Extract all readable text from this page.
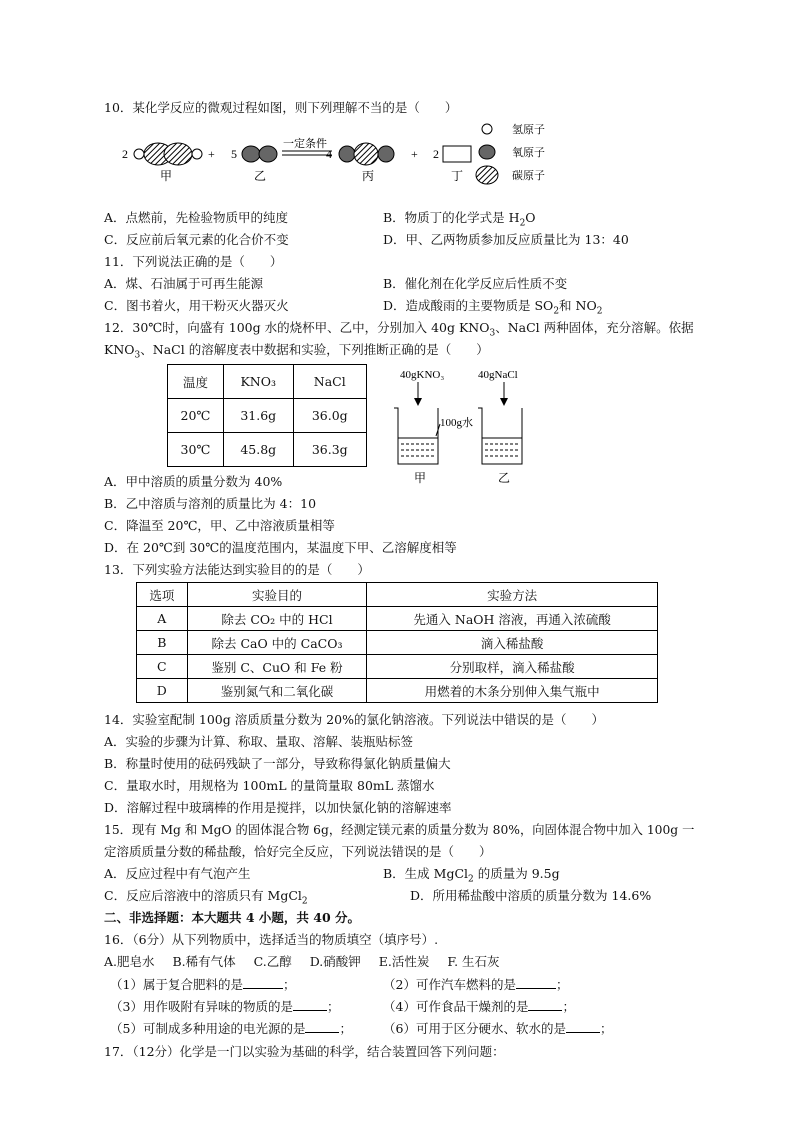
10．某化学反应的微观过程如图，则下列理解不当的是（　　）
2	+
甲
5
乙
一定条件
4
丙
+ 2
丁
氢原子
氧原子
碳原子
A．点燃前，先检验物质甲的纯度	B．物质丁的化学式是 $H_2O$
C．反应前后氧元素的化合价不变	D．甲、乙两物质参加反应质量比为 13：40
11．下列说法正确的是（　　）
A．煤、石油属于可再生能源	B．催化剂在化学反应后性质不变
C．图书着火，用干粉灭火器灭火	D．造成酸雨的主要物质是 $SO_2$和 $NO_2$
12．30℃时，向盛有 100g 水的烧杯甲、乙中，分别加入 40g $KNO_3$、NaCl 两种固体，充分溶解。依据
$KNO_3$、NaCl 的溶解度表中数据和实验，下列推断正确的是（　　）
温度	KNO₃	NaCl
20℃	31.6g	36.0g
30℃	45.8g	36.3g
40gKNO₃	40gNaCl
100g水
甲	乙
A．甲中溶质的质量分数为 40%
B．乙中溶质与溶剂的质量比为 4：10
C．降温至 20℃，甲、乙中溶液质量相等
D．在 20℃到 30℃的温度范围内，某温度下甲、乙溶解度相等
13．下列实验方法能达到实验目的的是（　　）
选项	实验目的	实验方法
A	除去 CO₂ 中的 HCl	先通入 NaOH 溶液，再通入浓硫酸
B	除去 CaO 中的 CaCO₃	滴入稀盐酸
C	鉴别 C、CuO 和 Fe 粉	分别取样，滴入稀盐酸
D	鉴别氮气和二氧化碳	用燃着的木条分别伸入集气瓶中
14．实验室配制 100g 溶质质量分数为 20%的氯化钠溶液。下列说法中错误的是（　　）
A．实验的步骤为计算、称取、量取、溶解、装瓶贴标签
B．称量时使用的砝码残缺了一部分，导致称得氯化钠质量偏大
C．量取水时，用规格为 100mL 的量筒量取 80mL 蒸馏水
D．溶解过程中玻璃棒的作用是搅拌，以加快氯化钠的溶解速率
15．现有 Mg 和 MgO 的固体混合物 6g，经测定镁元素的质量分数为 80%，向固体混合物中加入 100g 一
定溶质质量分数的稀盐酸，恰好完全反应，下列说法错误的是（　　）
A．反应过程中有气泡产生	B．生成 MgCl$_2$ 的质量为 9.5g
C．反应后溶液中的溶质只有 MgCl$_2$	D．所用稀盐酸中溶质的质量分数为 14.6%
二、非选择题：本大题共 4 小题，共 40 分。
16．（6分）从下列物质中，选择适当的物质填空（填序号）.
A.肥皂水 B.稀有气体 C.乙醇 D.硝酸钾 E.活性炭 F. 生石灰
（1）属于复合肥料的是	；	（2）可作汽车燃料的是	；
（3）用作吸附有异味的物质的是	；	（4）可作食品干燥剂的是	；
（5）可制成多种用途的电光源的是	； （6）可用于区分硬水、软水的是	；
17．（12分）化学是一门以实验为基础的科学，结合装置回答下列问题：
